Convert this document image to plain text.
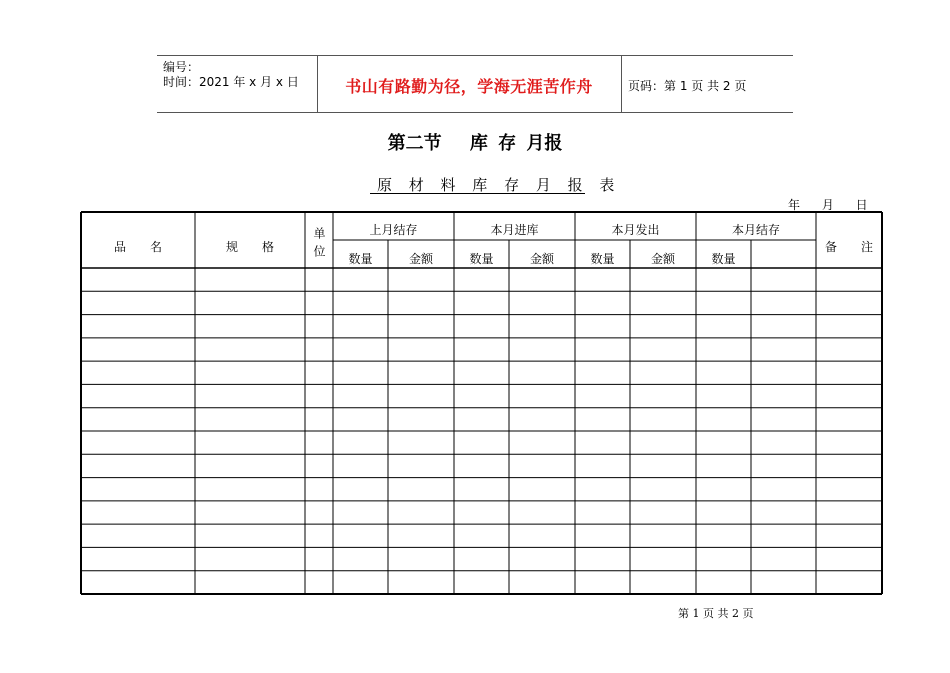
编号：
时间：2021 年 x 月 x 日	书山有路勤为径，学海无涯苦作舟	页码：第 1 页 共 2 页
第二节　 库 存 月报
原 材 料 库 存 月 报 表
年 月 日
品　　名	规　　格	单位	备　　注
上月结存	本月进库	本月发出	本月结存
数量	金额	数量	金额	数量	金额	数量
第 1 页 共 2 页
